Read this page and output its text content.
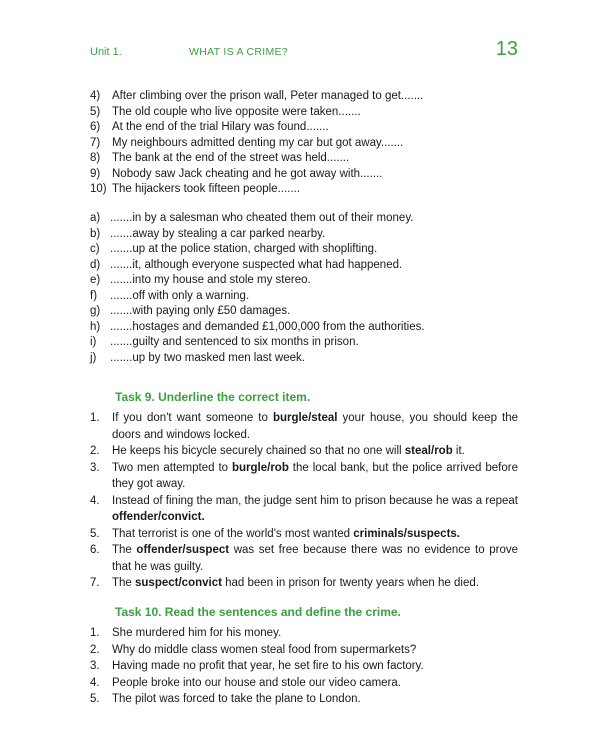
Unit 1.	WHAT IS A CRIME?	13
4)	After climbing over the prison wall, Peter managed to get.......
5)	The old couple who live opposite were taken.......
6)	At the end of the trial Hilary was found.......
7)	My neighbours admitted denting my car but got away.......
8)	The bank at the end of the street was held.......
9)	Nobody saw Jack cheating and he got away with.......
10) The hijackers took fifteen people.......
a) .......in by a salesman who cheated them out of their money.
b) .......away by stealing a car parked nearby.
c) .......up at the police station, charged with shoplifting.
d) .......it, although everyone suspected what had happened.
e) .......into my house and stole my stereo.
f)	.......off with only a warning.
g) .......with paying only £50 damages.
h) .......hostages and demanded £1,000,000 from the authorities.
i)	.......guilty and sentenced to six months in prison.
j)	.......up by two masked men last week.
Task 9. Underline the correct item.
1.	If you don't want someone to burgle/steal your house, you should keep the doors and windows locked.
2.	He keeps his bicycle securely chained so that no one will steal/rob it.
3.	Two men attempted to burgle/rob the local bank, but the police arrived before they got away.
4.	Instead of fining the man, the judge sent him to prison because he was a repeat offender/convict.
5.	That terrorist is one of the world's most wanted criminals/suspects.
6.	The offender/suspect was set free because there was no evidence to prove that he was guilty.
7.	The suspect/convict had been in prison for twenty years when he died.
Task 10. Read the sentences and define the crime.
1.	She murdered him for his money.
2.	Why do middle class women steal food from supermarkets?
3.	Having made no profit that year, he set fire to his own factory.
4.	People broke into our house and stole our video camera.
5.	The pilot was forced to take the plane to London.
